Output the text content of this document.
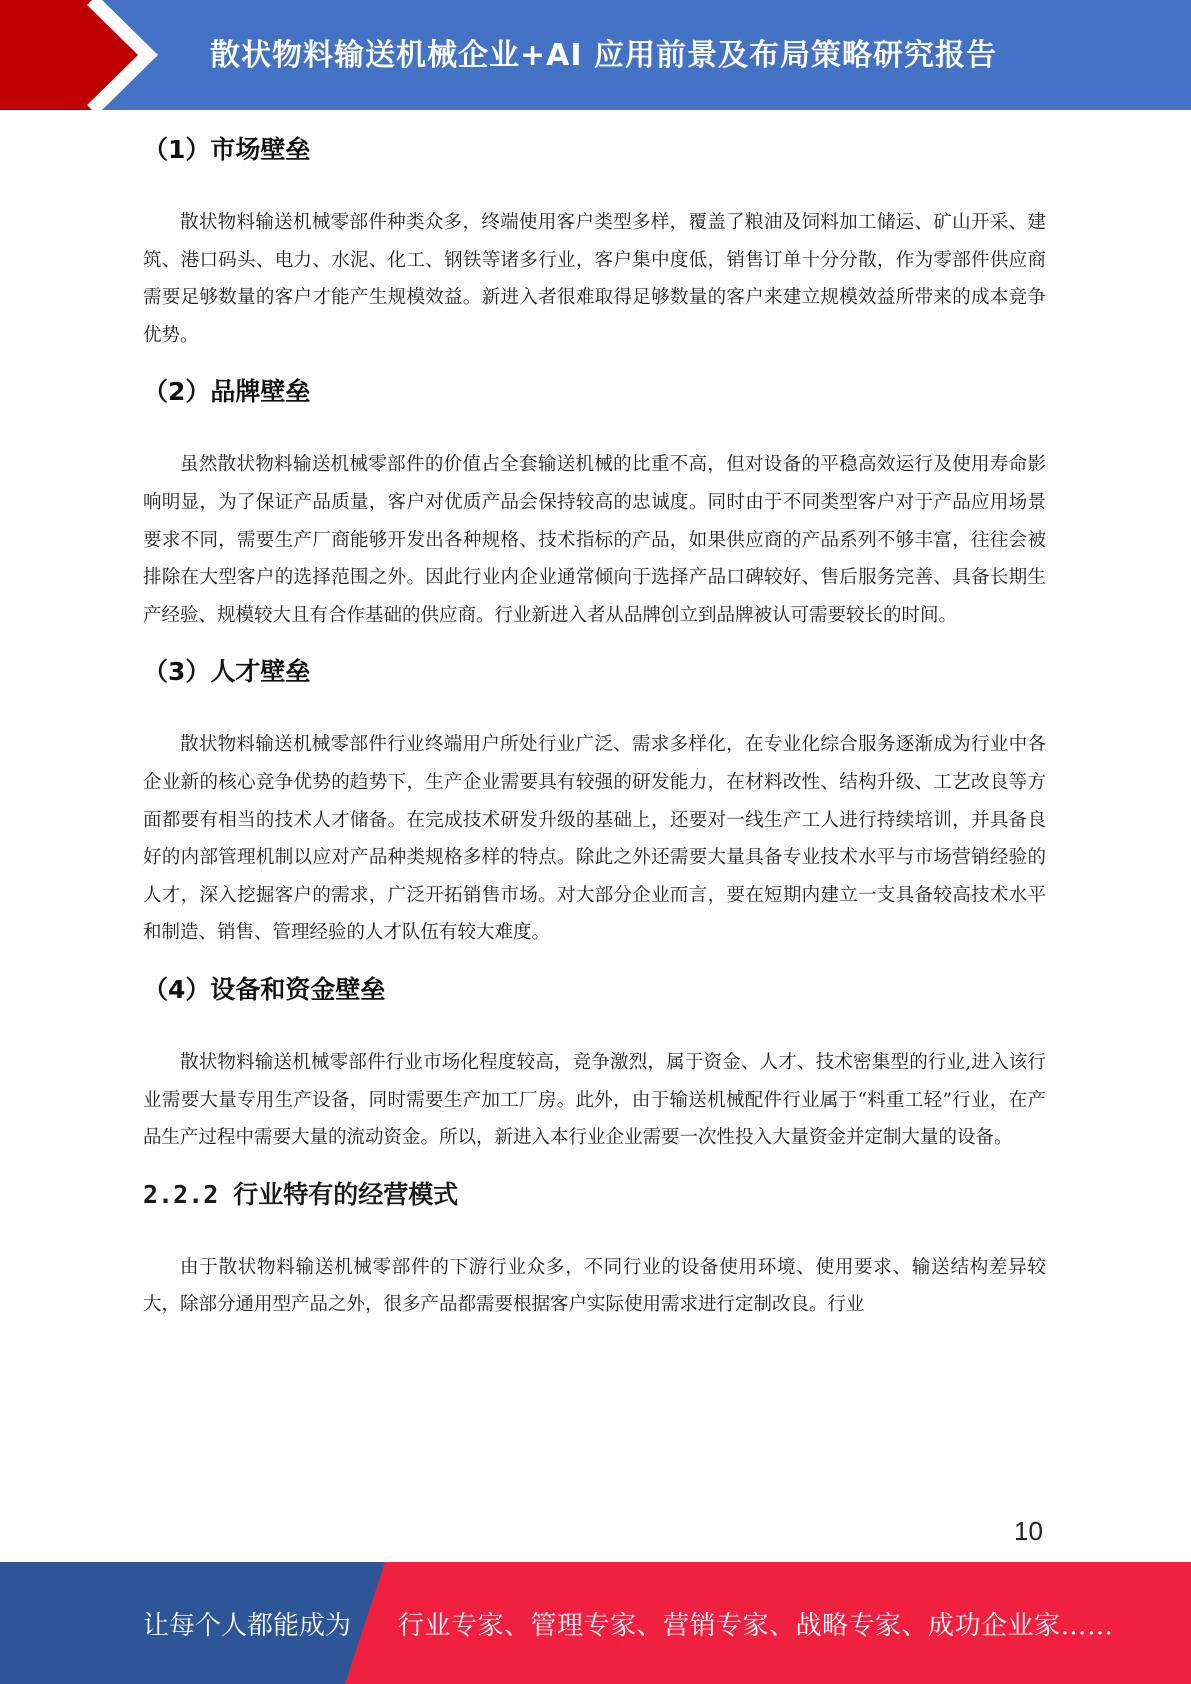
散状物料输送机械企业+AI 应用前景及布局策略研究报告
（1）市场壁垒

散状物料输送机械零部件种类众多，终端使用客户类型多样，覆盖了粮油及饲料加工储运、矿山开采、建筑、港口码头、电力、水泥、化工、钢铁等诸多行业，客户集中度低，销售订单十分分散，作为零部件供应商需要足够数量的客户才能产生规模效益。新进入者很难取得足够数量的客户来建立规模效益所带来的成本竞争优势。

（2）品牌壁垒

虽然散状物料输送机械零部件的价值占全套输送机械的比重不高，但对设备的平稳高效运行及使用寿命影响明显，为了保证产品质量，客户对优质产品会保持较高的忠诚度。同时由于不同类型客户对于产品应用场景要求不同，需要生产厂商能够开发出各种规格、技术指标的产品，如果供应商的产品系列不够丰富，往往会被排除在大型客户的选择范围之外。因此行业内企业通常倾向于选择产品口碑较好、售后服务完善、具备长期生产经验、规模较大且有合作基础的供应商。行业新进入者从品牌创立到品牌被认可需要较长的时间。

（3）人才壁垒

散状物料输送机械零部件行业终端用户所处行业广泛、需求多样化，在专业化综合服务逐渐成为行业中各企业新的核心竞争优势的趋势下，生产企业需要具有较强的研发能力，在材料改性、结构升级、工艺改良等方面都要有相当的技术人才储备。在完成技术研发升级的基础上，还要对一线生产工人进行持续培训，并具备良好的内部管理机制以应对产品种类规格多样的特点。除此之外还需要大量具备专业技术水平与市场营销经验的人才，深入挖掘客户的需求，广泛开拓销售市场。对大部分企业而言，要在短期内建立一支具备较高技术水平和制造、销售、管理经验的人才队伍有较大难度。

（4）设备和资金壁垒

散状物料输送机械零部件行业市场化程度较高，竞争激烈，属于资金、人才、技术密集型的行业,进入该行业需要大量专用生产设备，同时需要生产加工厂房。此外，由于输送机械配件行业属于“料重工轻”行业，在产品生产过程中需要大量的流动资金。所以，新进入本行业企业需要一次性投入大量资金并定制大量的设备。

2.2.2 行业特有的经营模式

由于散状物料输送机械零部件的下游行业众多，不同行业的设备使用环境、使用要求、输送结构差异较大，除部分通用型产品之外，很多产品都需要根据客户实际使用需求进行定制改良。行业

10
让每个人都能成为 行业专家、管理专家、营销专家、战略专家、成功企业家……
